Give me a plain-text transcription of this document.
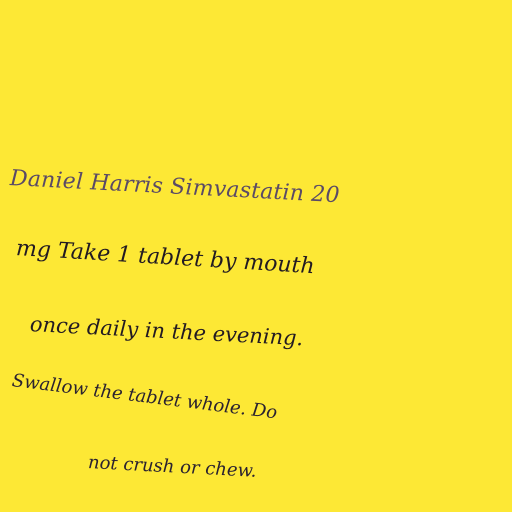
Daniel Harris Simvastatin 20
mg Take 1 tablet by mouth
once daily in the evening.
Swallow the tablet whole. Do
not crush or chew.
